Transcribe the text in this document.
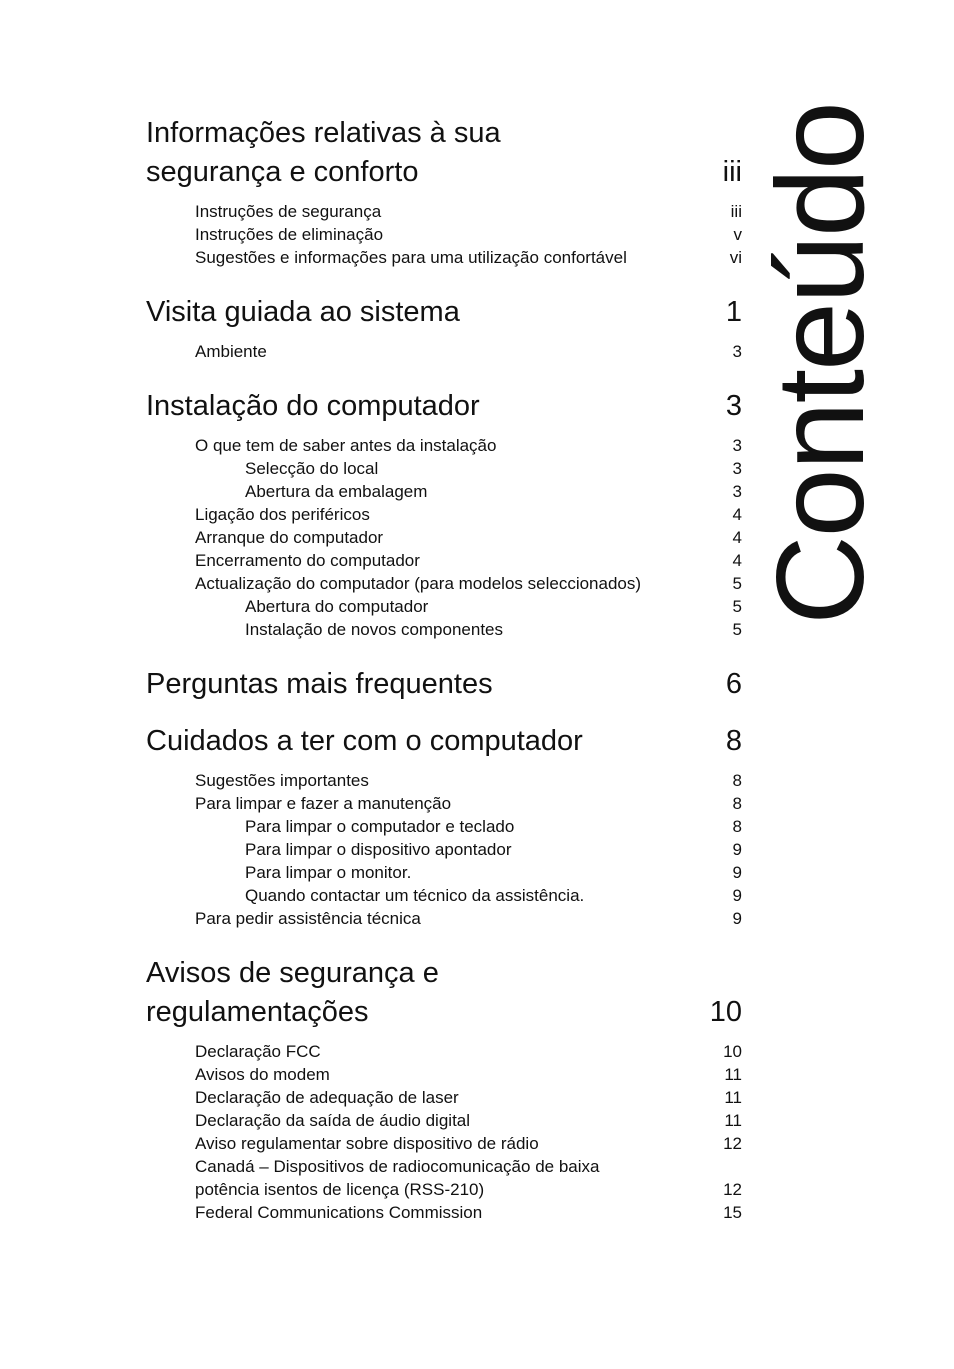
Informações relativas à sua
segurança e conforto	iii
Instruções de segurança	iii
Instruções de eliminação	v
Sugestões e informações para uma utilização confortável	vi
Visita guiada ao sistema	1
Ambiente	3
Instalação do computador	3
O que tem de saber antes da instalação	3
Selecção do local	3
Abertura da embalagem	3
Ligação dos periféricos	4
Arranque do computador	4
Encerramento do computador	4
Actualização do computador (para modelos seleccionados)	5
Abertura do computador	5
Instalação de novos componentes	5
Perguntas mais frequentes	6
Cuidados a ter com o computador	8
Sugestões importantes	8
Para limpar e fazer a manutenção	8
Para limpar o computador e teclado	8
Para limpar o dispositivo apontador	9
Para limpar o monitor.	9
Quando contactar um técnico da assistência.	9
Para pedir assistência técnica	9
Avisos de segurança e
regulamentações	10
Declaração FCC	10
Avisos do modem	11
Declaração de adequação de laser	11
Declaração da saída de áudio digital	11
Aviso regulamentar sobre dispositivo de rádio	12
Canadá – Dispositivos de radiocomunicação de baixa
potência isentos de licença (RSS-210)	12
Federal Communications Commission	15
Conteúdo
